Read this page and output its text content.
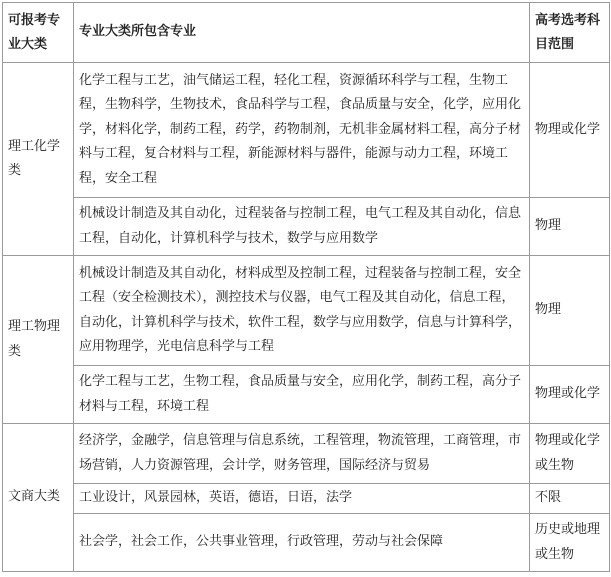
可报考专业大类	专业大类所包含专业	高考选考科目范围
理工化学类	化学工程与工艺，油气储运工程，轻化工程，资源循环科学与工程，生物工程，生物科学，生物技术，食品科学与工程，食品质量与安全，化学，应用化学，材料化学，制药工程，药学，药物制剂，无机非金属材料工程，高分子材料与工程，复合材料与工程，新能源材料与器件，能源与动力工程，环境工程，安全工程	物理或化学
	机械设计制造及其自动化，过程装备与控制工程，电气工程及其自动化，信息工程，自动化，计算机科学与技术，数学与应用数学	物理
理工物理类	机械设计制造及其自动化，材料成型及控制工程，过程装备与控制工程，安全工程（安全检测技术），测控技术与仪器，电气工程及其自动化，信息工程，自动化，计算机科学与技术，软件工程，数学与应用数学，信息与计算科学，应用物理学，光电信息科学与工程	物理
	化学工程与工艺，生物工程，食品质量与安全，应用化学，制药工程，高分子材料与工程，环境工程	物理或化学
文商大类	经济学，金融学，信息管理与信息系统，工程管理，物流管理，工商管理，市场营销，人力资源管理，会计学，财务管理，国际经济与贸易	物理或化学或生物
	工业设计，风景园林，英语，德语，日语，法学	不限
	社会学，社会工作，公共事业管理，行政管理，劳动与社会保障	历史或地理或生物
